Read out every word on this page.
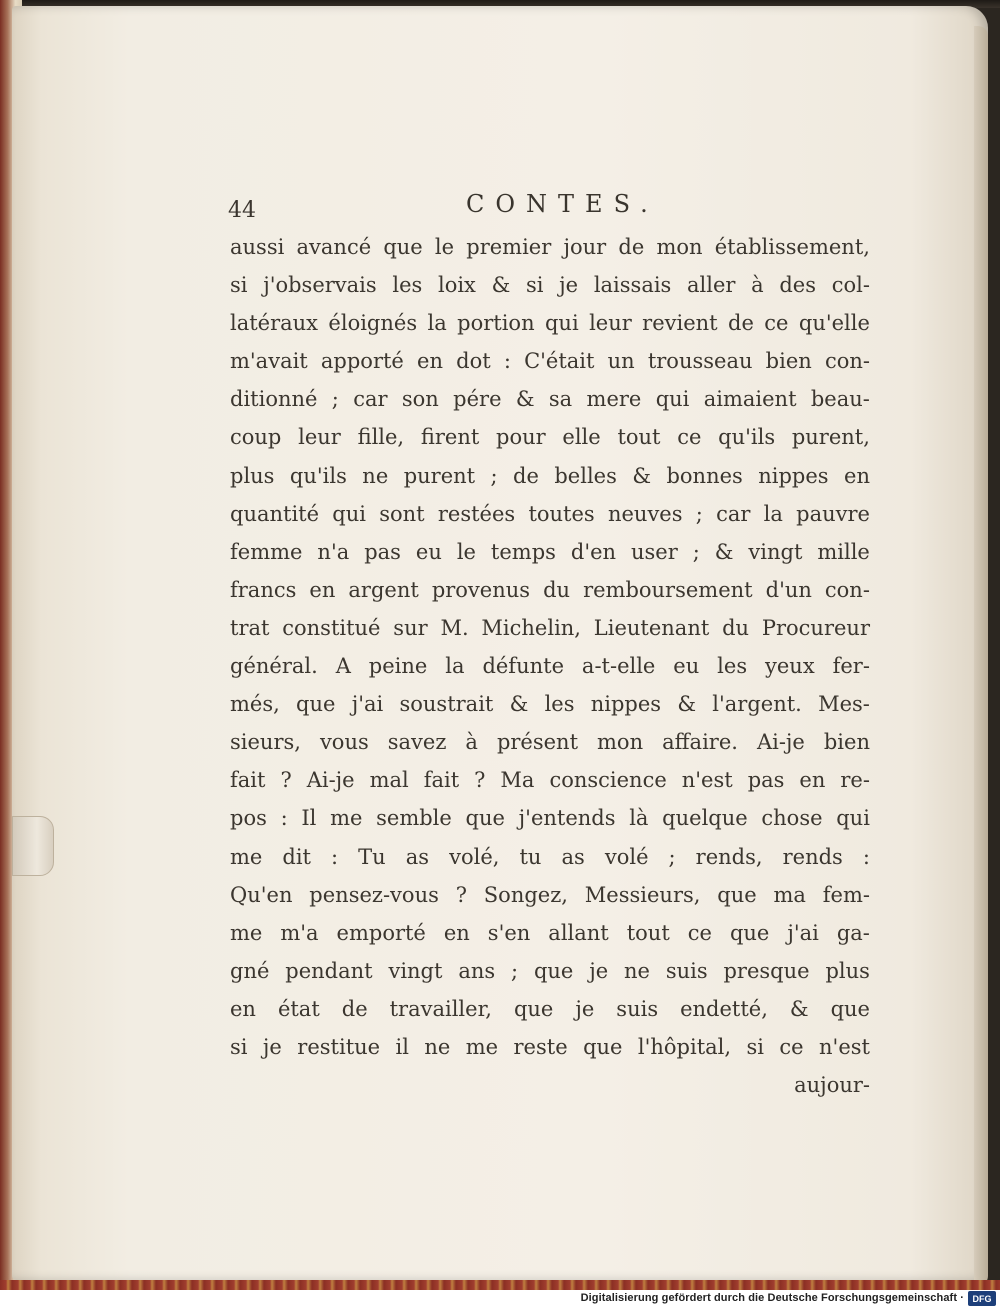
44	CONTES.
aussi avancé que le premier jour de mon établissement,
si j'observais les loix & si je laissais aller à des col-
latéraux éloignés la portion qui leur revient de ce qu'elle
m'avait apporté en dot : C'était un trousseau bien con-
ditionné ; car son pére & sa mere qui aimaient beau-
coup leur fille, firent pour elle tout ce qu'ils purent,
plus qu'ils ne purent ; de belles & bonnes nippes en
quantité qui sont restées toutes neuves ; car la pauvre
femme n'a pas eu le temps d'en user ; & vingt mille
francs en argent provenus du remboursement d'un con-
trat constitué sur M. Michelin, Lieutenant du Procureur
général. A peine la défunte a-t-elle eu les yeux fer-
més, que j'ai soustrait & les nippes & l'argent. Mes-
sieurs, vous savez à présent mon affaire. Ai-je bien
fait ? Ai-je mal fait ? Ma conscience n'est pas en re-
pos : Il me semble que j'entends là quelque chose qui
me dit : Tu as volé, tu as volé ; rends, rends :
Qu'en pensez-vous ? Songez, Messieurs, que ma fem-
me m'a emporté en s'en allant tout ce que j'ai ga-
gné pendant vingt ans ; que je ne suis presque plus
en état de travailler, que je suis endetté, & que
si je restitue il ne me reste que l'hôpital, si ce n'est
aujour-
Digitalisierung gefördert durch die Deutsche Forschungsgemeinschaft · DFG
